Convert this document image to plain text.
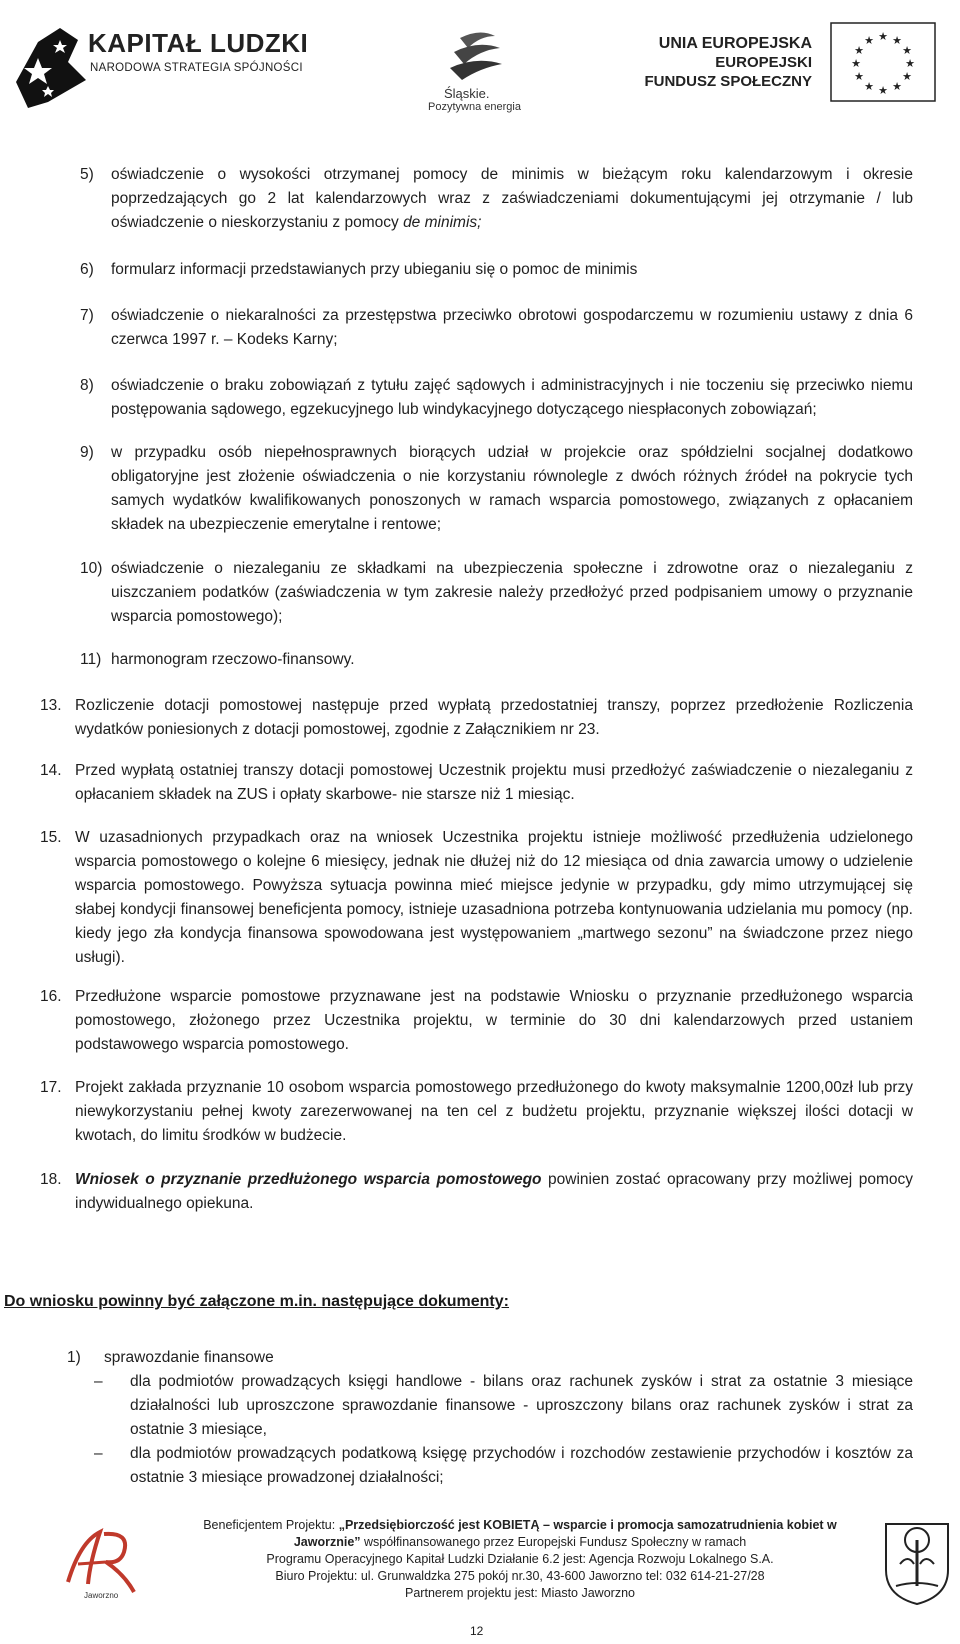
KAPITAŁ LUDZKI
NARODOWA STRATEGIA SPÓJNOŚCI
Śląskie.
Pozytywna energia
UNIA EUROPEJSKA
EUROPEJSKI
FUNDUSZ SPOŁECZNY
★ ★
★
★
★
★
★
★
★
★
★
★
5) oświadczenie o wysokości otrzymanej pomocy de minimis w bieżącym roku kalendarzowym i okresie poprzedzających go 2 lat kalendarzowych wraz z zaświadczeniami dokumentującymi jej otrzymanie / lub oświadczenie o nieskorzystaniu z pomocy de minimis;
6) formularz informacji przedstawianych przy ubieganiu się o pomoc de minimis
7) oświadczenie o niekaralności za przestępstwa przeciwko obrotowi gospodarczemu w rozumieniu ustawy z dnia 6 czerwca 1997 r. – Kodeks Karny;
8) oświadczenie o braku zobowiązań z tytułu zajęć sądowych i administracyjnych i nie toczeniu się przeciwko niemu postępowania sądowego, egzekucyjnego lub windykacyjnego dotyczącego niespłaconych zobowiązań;
9) w przypadku osób niepełnosprawnych biorących udział w projekcie oraz spółdzielni socjalnej dodatkowo obligatoryjne jest złożenie oświadczenia o nie korzystaniu równolegle z dwóch różnych źródeł na pokrycie tych samych wydatków kwalifikowanych ponoszonych w ramach wsparcia pomostowego, związanych z opłacaniem składek na ubezpieczenie emerytalne i rentowe;
10) oświadczenie o niezaleganiu ze składkami na ubezpieczenia społeczne i zdrowotne oraz o niezaleganiu z uiszczaniem podatków (zaświadczenia w tym zakresie należy przedłożyć przed podpisaniem umowy o przyznanie wsparcia pomostowego);
11) harmonogram rzeczowo-finansowy.
13. Rozliczenie dotacji pomostowej następuje przed wypłatą przedostatniej transzy, poprzez przedłożenie Rozliczenia wydatków poniesionych z dotacji pomostowej, zgodnie z Załącznikiem nr 23.
14. Przed wypłatą ostatniej transzy dotacji pomostowej Uczestnik projektu musi przedłożyć zaświadczenie o niezaleganiu z opłacaniem składek na ZUS i opłaty skarbowe- nie starsze niż 1 miesiąc.
15. W uzasadnionych przypadkach oraz na wniosek Uczestnika projektu istnieje możliwość przedłużenia udzielonego wsparcia pomostowego o kolejne 6 miesięcy, jednak nie dłużej niż do 12 miesiąca od dnia zawarcia umowy o udzielenie wsparcia pomostowego. Powyższa sytuacja powinna mieć miejsce jedynie w przypadku, gdy mimo utrzymującej się słabej kondycji finansowej beneficjenta pomocy, istnieje uzasadniona potrzeba kontynuowania udzielania mu pomocy (np. kiedy jego zła kondycja finansowa spowodowana jest występowaniem „martwego sezonu” na świadczone przez niego usługi).
16. Przedłużone wsparcie pomostowe przyznawane jest na podstawie Wniosku o przyznanie przedłużonego wsparcia pomostowego, złożonego przez Uczestnika projektu, w terminie do 30 dni kalendarzowych przed ustaniem podstawowego wsparcia pomostowego.
17. Projekt zakłada przyznanie 10 osobom wsparcia pomostowego przedłużonego do kwoty maksymalnie 1200,00zł lub przy niewykorzystaniu pełnej kwoty zarezerwowanej na ten cel z budżetu projektu, przyznanie większej ilości dotacji w kwotach, do limitu środków w budżecie.
18. Wniosek o przyznanie przedłużonego wsparcia pomostowego powinien zostać opracowany przy możliwej pomocy indywidualnego opiekuna.
Do wniosku powinny być załączone m.in. następujące dokumenty:
1) sprawozdanie finansowe
– dla podmiotów prowadzących księgi handlowe - bilans oraz rachunek zysków i strat za ostatnie 3 miesiące działalności lub uproszczone sprawozdanie finansowe - uproszczony bilans oraz rachunek zysków i strat za ostatnie 3 miesiące,
– dla podmiotów prowadzących podatkową księgę przychodów i rozchodów zestawienie przychodów i kosztów za ostatnie 3 miesiące prowadzonej działalności;
Jaworzno
Beneficjentem Projektu: „Przedsiębiorczość jest KOBIETĄ – wsparcie i promocja samozatrudnienia kobiet w Jaworznie” współfinansowanego przez Europejski Fundusz Społeczny w ramach
Programu Operacyjnego Kapitał Ludzki Działanie 6.2 jest: Agencja Rozwoju Lokalnego S.A.
Biuro Projektu: ul. Grunwaldzka 275 pokój nr.30, 43-600 Jaworzno tel: 032 614-21-27/28
Partnerem projektu jest: Miasto Jaworzno
12
